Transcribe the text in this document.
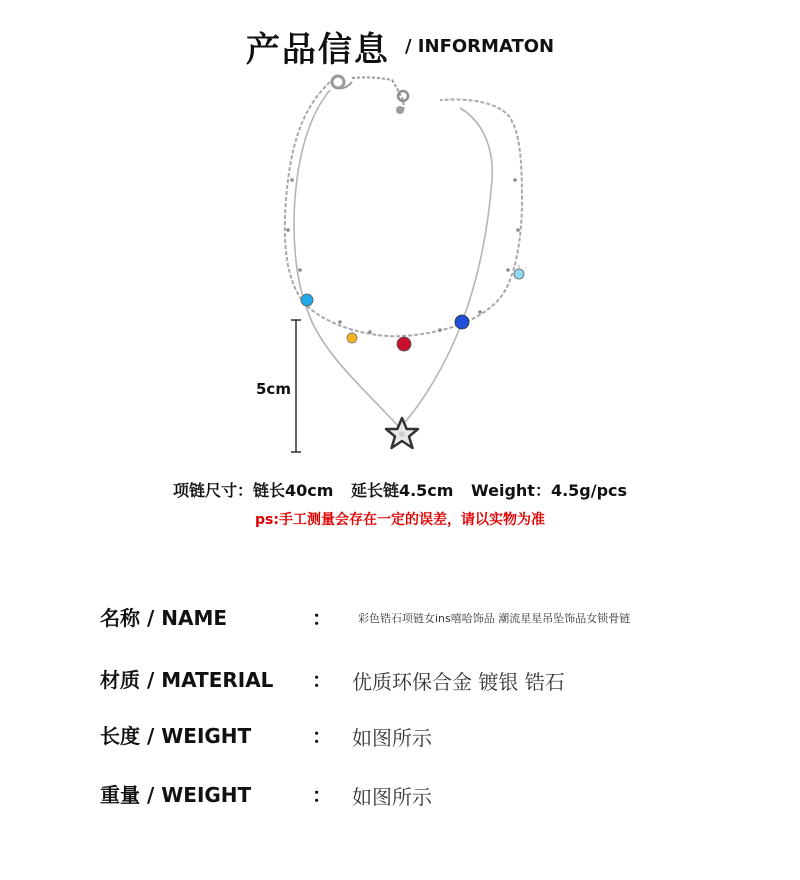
产品信息 / INFORMATON
5cm
项链尺寸：链长40cm 延长链4.5cm Weight：4.5g/pcs
ps:手工测量会存在一定的误差，请以实物为准
名称 / NAME	： 彩色锆石项链女ins嘻哈饰品 潮流星星吊坠饰品女锁骨链
材质 / MATERIAL ： 优质环保合金 镀银 锆石
长度 / WEIGHT	： 如图所示
重量 / WEIGHT	： 如图所示
